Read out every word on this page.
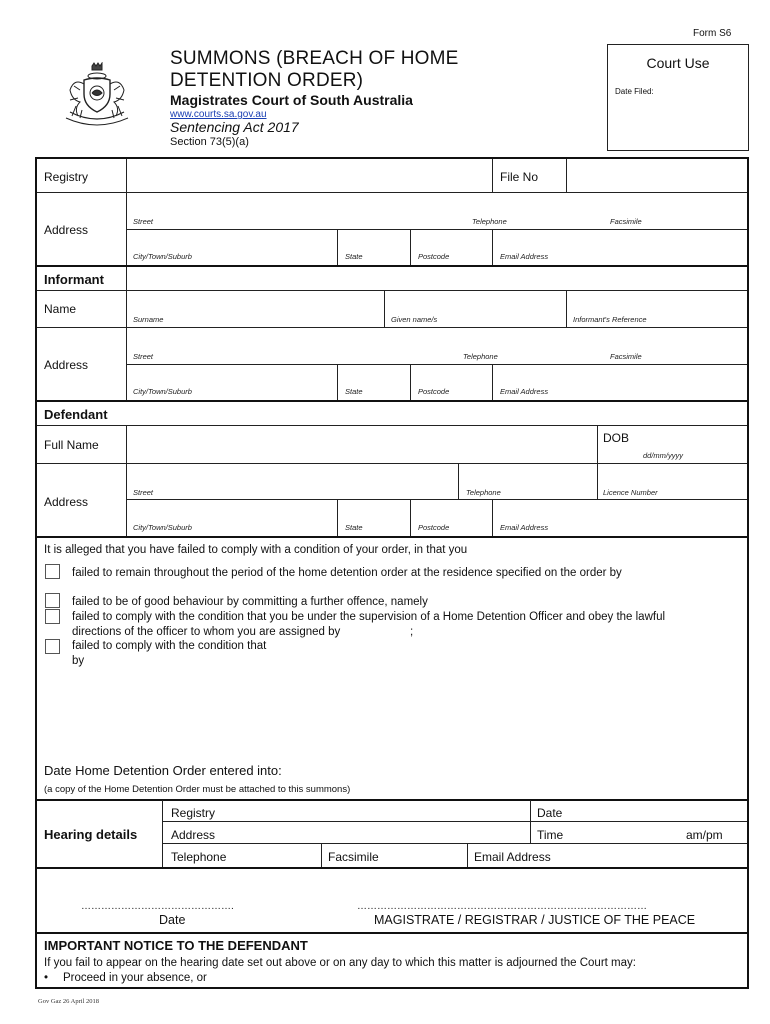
Form S6
SUMMONS (BREACH OF HOME
DETENTION ORDER)
Magistrates Court of South Australia
www.courts.sa.gov.au
Sentencing Act 2017
Section 73(5)(a)
Court Use
Date Filed:
Registry	File No
Address
Street	Telephone	Facsimile
City/Town/Suburb	State	Postcode	Email Address
Informant
Name
Surname	Given name/s	Informant's Reference
Address
Street	Telephone	Facsimile
City/Town/Suburb	State	Postcode	Email Address
Defendant
Full Name	DOB
dd/mm/yyyy
Address
Street	Telephone	Licence Number
City/Town/Suburb	State	Postcode	Email Address
It is alleged that you have failed to comply with a condition of your order, in that you
failed to remain throughout the period of the home detention order at the residence specified on the order by
failed to be of good behaviour by committing a further offence, namely
failed to comply with the condition that you be under the supervision of a Home Detention Officer and obey the lawful
directions of the officer to whom you are assigned by	;
failed to comply with the condition that
by
Date Home Detention Order entered into:
(a copy of the Home Detention Order must be attached to this summons)
Hearing details
Registry	Date
Address	Time	am/pm
Telephone	Facsimile	Email Address
……………………………………….	……………………………………………………………………………
Date	MAGISTRATE / REGISTRAR / JUSTICE OF THE PEACE
IMPORTANT NOTICE TO THE DEFENDANT
If you fail to appear on the hearing date set out above or on any day to which this matter is adjourned the Court may:
• Proceed in your absence, or
Gov Gaz 26 April 2018
